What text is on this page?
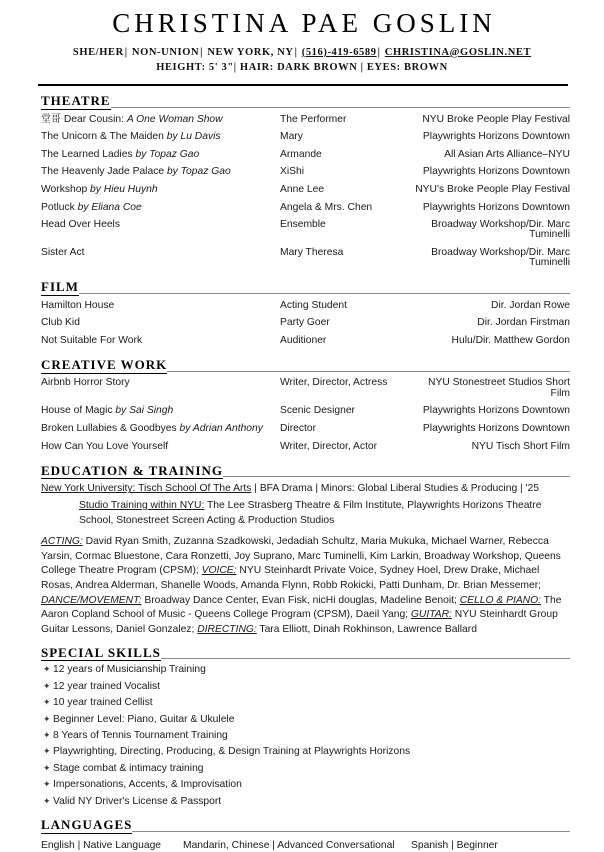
CHRISTINA PAE GOSLIN
SHE/HER| NON-UNION| NEW YORK, NY| (516)-419-6589| CHRISTINA@GOSLIN.NET
HEIGHT: 5' 3"| HAIR: DARK BROWN | EYES: BROWN
THEATRE
堂哥 Dear Cousin: A One Woman Show	The Performer	NYU Broke People Play Festival
The Unicorn & The Maiden by Lu Davis	Mary	Playwrights Horizons Downtown
The Learned Ladies by Topaz Gao	Armande	All Asian Arts Alliance–NYU
The Heavenly Jade Palace by Topaz Gao	XiShi	Playwrights Horizons Downtown
Workshop by Hieu Huynh	Anne Lee	NYU's Broke People Play Festival
Potluck by Eliana Coe	Angela & Mrs. Chen	Playwrights Horizons Downtown
Head Over Heels	Ensemble	Broadway Workshop/Dir. Marc Tuminelli
Sister Act	Mary Theresa	Broadway Workshop/Dir. Marc Tuminelli
FILM
Hamilton House	Acting Student	Dir. Jordan Rowe
Club Kid	Party Goer	Dir. Jordan Firstman
Not Suitable For Work	Auditioner	Hulu/Dir. Matthew Gordon
CREATIVE WORK
Airbnb Horror Story	Writer, Director, Actress	NYU Stonestreet Studios Short Film
House of Magic by Sai Singh	Scenic Designer	Playwrights Horizons Downtown
Broken Lullabies & Goodbyes by Adrian Anthony	Director	Playwrights Horizons Downtown
How Can You Love Yourself	Writer, Director, Actor	NYU Tisch Short Film
EDUCATION & TRAINING
New York University: Tisch School Of The Arts | BFA Drama | Minors: Global Liberal Studies & Producing | '25
Studio Training within NYU: The Lee Strasberg Theatre & Film Institute, Playwrights Horizons Theatre School, Stonestreet Screen Acting & Production Studios
ACTING: David Ryan Smith, Zuzanna Szadkowski, Jedadiah Schultz, Maria Mukuka, Michael Warner, Rebecca Yarsin, Cormac Bluestone, Cara Ronzetti, Joy Suprano, Marc Tuminelli, Kim Larkin, Broadway Workshop, Queens College Theatre Program (CPSM); VOICE: NYU Steinhardt Private Voice, Sydney Hoel, Drew Drake, Michael Rosas, Andrea Alderman, Shanelle Woods, Amanda Flynn, Robb Rokicki, Patti Dunham, Dr. Brian Messemer; DANCE/MOVEMENT: Broadway Dance Center, Evan Fisk, nicHi douglas, Madeline Benoit; CELLO & PIANO: The Aaron Copland School of Music - Queens College Program (CPSM), Daeil Yang; GUITAR: NYU Steinhardt Group Guitar Lessons, Daniel Gonzalez; DIRECTING: Tara Elliott, Dinah Rokhinson, Lawrence Ballard
SPECIAL SKILLS
✦ 12 years of Musicianship Training
✦ 12 year trained Vocalist
✦ 10 year trained Cellist
✦ Beginner Level: Piano, Guitar & Ukulele
✦ 8 Years of Tennis Tournament Training
✦ Playwrighting, Directing, Producing, & Design Training at Playwrights Horizons
✦ Stage combat & intimacy training
✦ Impersonations, Accents, & Improvisation
✦ Valid NY Driver's License & Passport
LANGUAGES
English | Native Language	Mandarin, Chinese | Advanced Conversational	Spanish | Beginner
